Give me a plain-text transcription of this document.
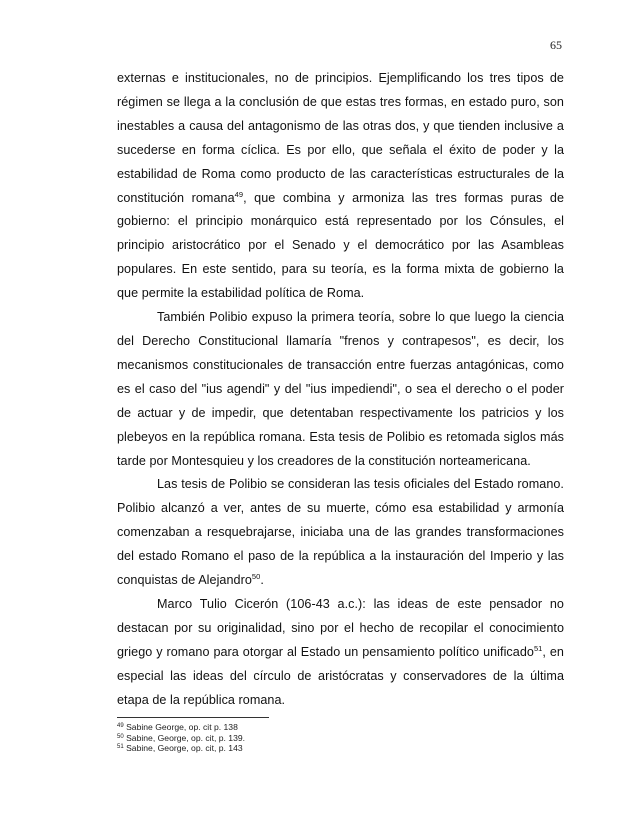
65

externas e institucionales, no de principios. Ejemplificando los tres tipos de régimen se llega a la conclusión de que estas tres formas, en estado puro, son inestables a causa del antagonismo de las otras dos, y que tienden inclusive a sucederse en forma cíclica. Es por ello, que señala el éxito de poder y la estabilidad de Roma como producto de las características estructurales de la constitución romana$^{49}$, que combina y armoniza las tres formas puras de gobierno: el principio monárquico está representado por los Cónsules, el principio aristocrático por el Senado y el democrático por las Asambleas populares. En este sentido, para su teoría, es la forma mixta de gobierno la que permite la estabilidad política de Roma.

También Polibio expuso la primera teoría, sobre lo que luego la ciencia del Derecho Constitucional llamaría "frenos y contrapesos", es decir, los mecanismos constitucionales de transacción entre fuerzas antagónicas, como es el caso del "ius agendi" y del "ius impediendi", o sea el derecho o el poder de actuar y de impedir, que detentaban respectivamente los patricios y los plebeyos en la república romana. Esta tesis de Polibio es retomada siglos más tarde por Montesquieu y los creadores de la constitución norteamericana.

Las tesis de Polibio se consideran las tesis oficiales del Estado romano. Polibio alcanzó a ver, antes de su muerte, cómo esa estabilidad y armonía comenzaban a resquebrajarse, iniciaba una de las grandes transformaciones del estado Romano el paso de la república a la instauración del Imperio y las conquistas de Alejandro$^{50}$.

Marco Tulio Cicerón (106-43 a.c.): las ideas de este pensador no destacan por su originalidad, sino por el hecho de recopilar el conocimiento griego y romano para otorgar al Estado un pensamiento político unificado$^{51}$, en especial las ideas del círculo de aristócratas y conservadores de la última etapa de la república romana.

$^{49}$ Sabine George, op. cit p. 138
$^{50}$ Sabine, George, op. cit, p. 139.
$^{51}$ Sabine, George, op. cit, p. 143
